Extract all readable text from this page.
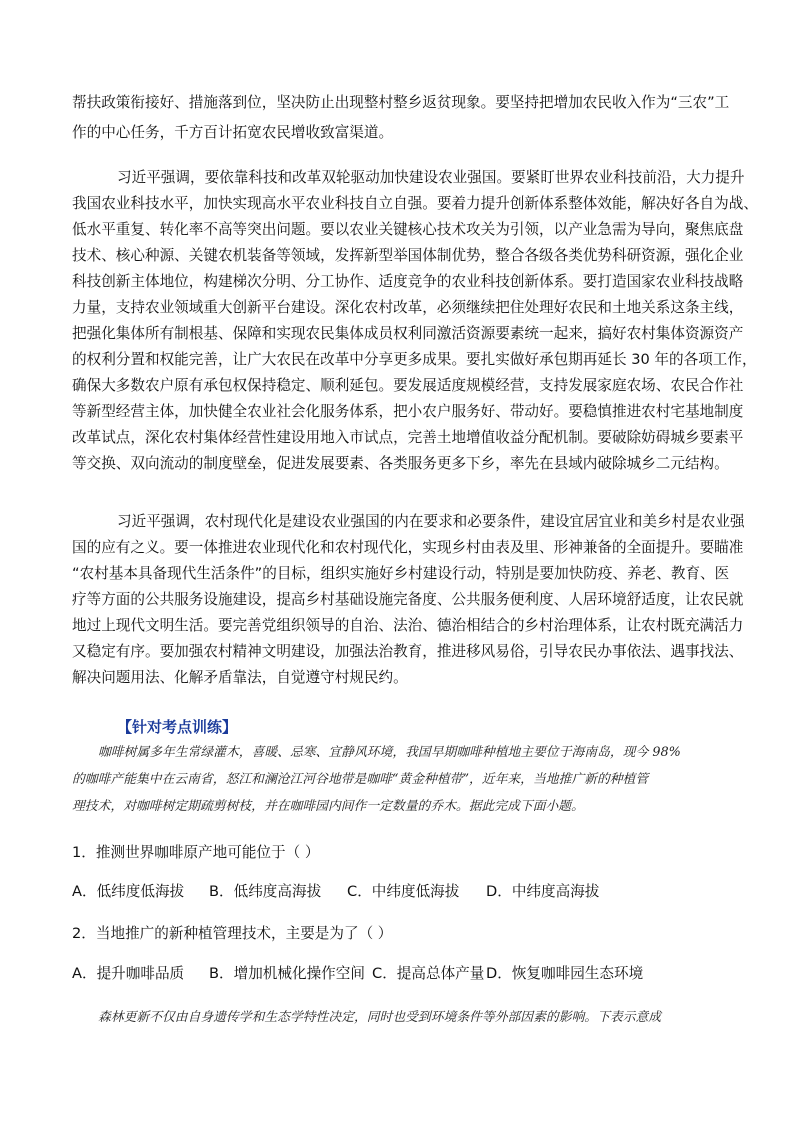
帮扶政策衔接好、措施落到位，坚决防止出现整村整乡返贫现象。要坚持把增加农民收入作为“三农”工
作的中心任务，千方百计拓宽农民增收致富渠道。
习近平强调，要依靠科技和改革双轮驱动加快建设农业强国。要紧盯世界农业科技前沿，大力提升
我国农业科技水平，加快实现高水平农业科技自立自强。要着力提升创新体系整体效能，解决好各自为战、
低水平重复、转化率不高等突出问题。要以农业关键核心技术攻关为引领，以产业急需为导向，聚焦底盘
技术、核心种源、关键农机装备等领域，发挥新型举国体制优势，整合各级各类优势科研资源，强化企业
科技创新主体地位，构建梯次分明、分工协作、适度竞争的农业科技创新体系。要打造国家农业科技战略
力量，支持农业领域重大创新平台建设。深化农村改革，必须继续把住处理好农民和土地关系这条主线，
把强化集体所有制根基、保障和实现农民集体成员权利同激活资源要素统一起来，搞好农村集体资源资产
的权利分置和权能完善，让广大农民在改革中分享更多成果。要扎实做好承包期再延长 30 年的各项工作，
确保大多数农户原有承包权保持稳定、顺利延包。要发展适度规模经营，支持发展家庭农场、农民合作社
等新型经营主体，加快健全农业社会化服务体系，把小农户服务好、带动好。要稳慎推进农村宅基地制度
改革试点，深化农村集体经营性建设用地入市试点，完善土地增值收益分配机制。要破除妨碍城乡要素平
等交换、双向流动的制度壁垒，促进发展要素、各类服务更多下乡，率先在县域内破除城乡二元结构。
习近平强调，农村现代化是建设农业强国的内在要求和必要条件，建设宜居宜业和美乡村是农业强
国的应有之义。要一体推进农业现代化和农村现代化，实现乡村由表及里、形神兼备的全面提升。要瞄准
“农村基本具备现代生活条件”的目标，组织实施好乡村建设行动，特别是要加快防疫、养老、教育、医
疗等方面的公共服务设施建设，提高乡村基础设施完备度、公共服务便利度、人居环境舒适度，让农民就
地过上现代文明生活。要完善党组织领导的自治、法治、德治相结合的乡村治理体系，让农村既充满活力
又稳定有序。要加强农村精神文明建设，加强法治教育，推进移风易俗，引导农民办事依法、遇事找法、
解决问题用法、化解矛盾靠法，自觉遵守村规民约。
【针对考点训练】
咖啡树属多年生常绿灌木，喜暖、忌寒、宜静风环境，我国早期咖啡种植地主要位于海南岛，现今 98%
的咖啡产能集中在云南省，怒江和澜沧江河谷地带是咖啡“黄金种植带”，近年来，当地推广新的种植管
理技术，对咖啡树定期疏剪树枝，并在咖啡园内间作一定数量的乔木。据此完成下面小题。
1．推测世界咖啡原产地可能位于（ ）
A．低纬度低海拔 B．低纬度高海拔 C．中纬度低海拔 D．中纬度高海拔
2．当地推广的新种植管理技术，主要是为了（ ）
A．提升咖啡品质 B．增加机械化操作空间 C．提高总体产量 D．恢复咖啡园生态环境
森林更新不仅由自身遗传学和生态学特性决定，同时也受到环境条件等外部因素的影响。下表示意成
